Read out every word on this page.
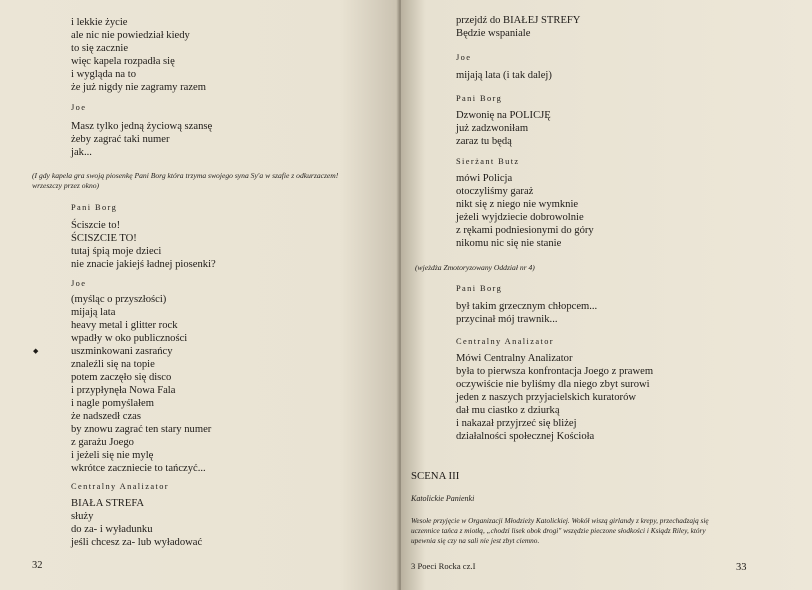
i lekkie życie
ale nic nie powiedział kiedy
to się zacznie
więc kapela rozpadła się
i wygląda na to
że już nigdy nie zagramy razem
Joe
Masz tylko jedną życiową szansę
żeby zagrać taki numer
jak...
(I gdy kapela gra swoją piosenkę Pani Borg która trzyma swojego syna Sy'a w szafie z odkurzaczem!
wrzeszczy przez okno)
Pani Borg
Ściszcie to!
ŚCISZCIE TO!
tutaj śpią moje dzieci
nie znacie jakiejś ładnej piosenki?
Joe
(myśląc o przyszłości)
mijają lata
heavy metal i glitter rock
wpadły w oko publiczności
uszminkowani zasrańcy
znaleźli się na topie
potem zaczęło się disco
i przypłynęła Nowa Fala
i nagle pomyślałem
że nadszedł czas
by znowu zagrać ten stary numer
z garażu Joego
i jeżeli się nie mylę
wkrótce zaczniecie to tańczyć...
◆
Centralny Analizator
BIAŁA STREFA
służy
do za- i wyładunku
jeśli chcesz za- lub wyładować
32
przejdź do BIAŁEJ STREFY
Będzie wspaniale
Joe
mijają lata (i tak dalej)
Pani Borg
Dzwonię na POLICJĘ
już zadzwoniłam
zaraz tu będą
Sierżant Butz
mówi Policja
otoczyliśmy garaż
nikt się z niego nie wymknie
jeżeli wyjdziecie dobrowolnie
z rękami podniesionymi do góry
nikomu nic się nie stanie
(wjeżdża Zmotoryzowany Oddział nr 4)
Pani Borg
był takim grzecznym chłopcem...
przycinał mój trawnik...
Centralny Analizator
Mówi Centralny Analizator
była to pierwsza konfrontacja Joego z prawem
oczywiście nie byliśmy dla niego zbyt surowi
jeden z naszych przyjacielskich kuratorów
dał mu ciastko z dziurką
i nakazał przyjrzeć się bliżej
działalności społecznej Kościoła
SCENA III
Katolickie Panienki
Wesołe przyjęcie w Organizacji Młodzieży Katolickiej. Wokół wiszą girlandy z krepy, przechadzają się
uczennice tańca z miotłą, „chodzi lisek obok drogi" wszędzie pieczone słodkości i Ksiądz Riley, który
upewnia się czy na sali nie jest zbyt ciemno.
3 Poeci Rocka cz.I	33
